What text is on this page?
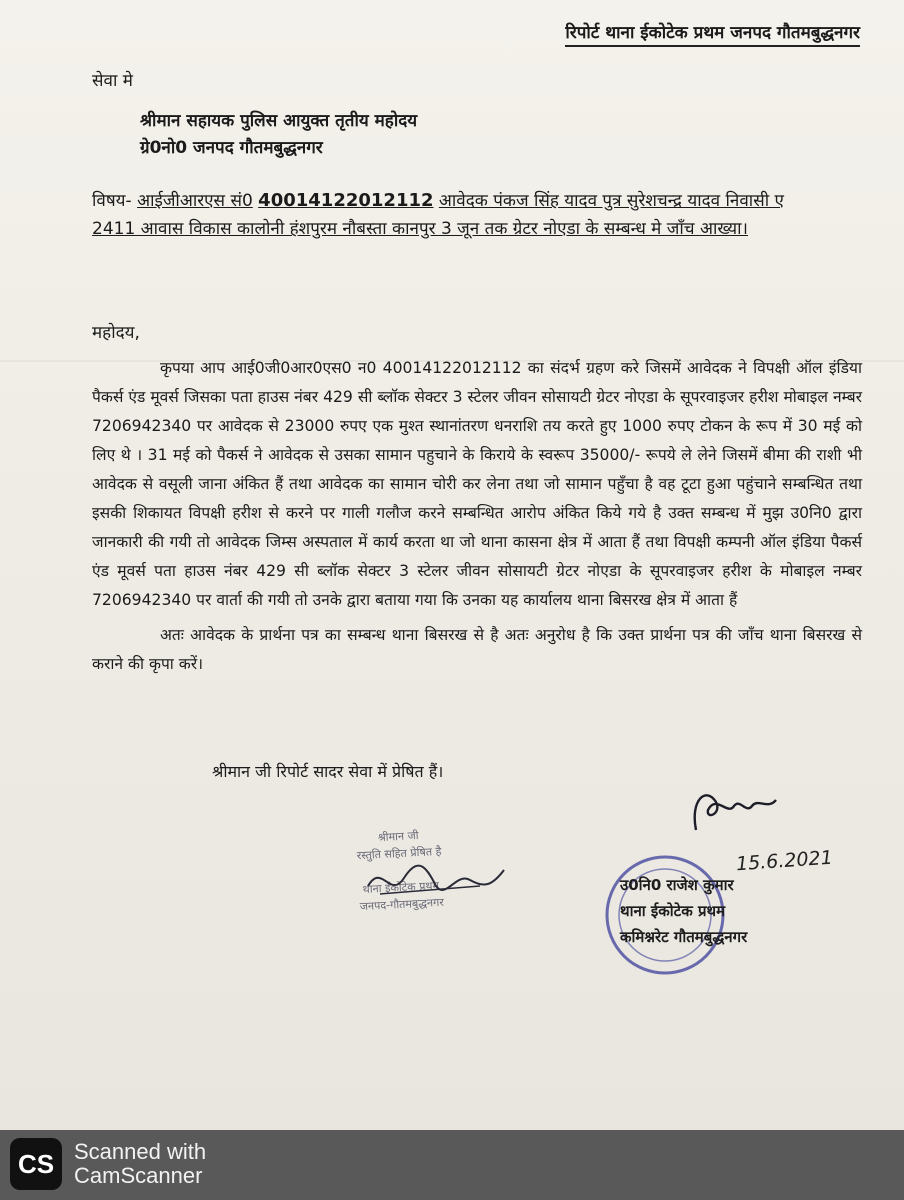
रिपोर्ट थाना ईकोटेक प्रथम जनपद गौतमबुद्धनगर
सेवा मे
श्रीमान सहायक पुलिस आयुक्त तृतीय महोदय
ग्रे0नो0 जनपद गौतमबुद्धनगर
विषय- आईजीआरएस सं0 40014122012112 आवेदक पंकज सिंह यादव पुत्र सुरेशचन्द्र यादव निवासी ए 2411 आवास विकास कालोनी हंशपुरम नौबस्ता कानपुर 3 जून तक ग्रेटर नोएडा के सम्बन्ध मे जाँच आख्या।
महोदय,

कृपया आप आई0जी0आर0एस0 न0 40014122012112 का संदर्भ ग्रहण करे जिसमें आवेदक ने विपक्षी ऑल इंडिया पैकर्स एंड मूवर्स जिसका पता हाउस नंबर 429 सी ब्लॉक सेक्टर 3 स्टेलर जीवन सोसायटी ग्रेटर नोएडा के सूपरवाइजर हरीश मोबाइल नम्बर 7206942340 पर आवेदक से 23000 रुपए एक मुश्त स्थानांतरण धनराशि तय करते हुए 1000 रुपए टोकन के रूप में 30 मई को लिए थे । 31 मई को पैकर्स ने आवेदक से उसका सामान पहुचाने के किराये के स्वरूप 35000/- रूपये ले लेने जिसमें बीमा की राशी भी आवेदक से वसूली जाना अंकित हैं तथा आवेदक का सामान चोरी कर लेना तथा जो सामान पहुँचा है वह टूटा हुआ पहुंचाने सम्बन्धित तथा इसकी शिकायत विपक्षी हरीश से करने पर गाली गलौज करने सम्बन्धित आरोप अंकित किये गये है उक्त सम्बन्ध में मुझ उ0नि0 द्वारा जानकारी की गयी तो आवेदक जिम्स अस्पताल में कार्य करता था जो थाना कासना क्षेत्र में आता हैं तथा विपक्षी कम्पनी ऑल इंडिया पैकर्स एंड मूवर्स पता हाउस नंबर 429 सी ब्लॉक सेक्टर 3 स्टेलर जीवन सोसायटी ग्रेटर नोएडा के सूपरवाइजर हरीश के मोबाइल नम्बर 7206942340 पर वार्ता की गयी तो उनके द्वारा बताया गया कि उनका यह कार्यालय थाना बिसरख क्षेत्र में आता हैं

अतः आवेदक के प्रार्थना पत्र का सम्बन्ध थाना बिसरख से है अतः अनुरोध है कि उक्त प्रार्थना पत्र की जाँच थाना बिसरख से कराने की कृपा करें।

श्रीमान जी रिपोर्ट सादर सेवा में प्रेषित हैं।
श्रीमान जी
रस्तुति सहित प्रेषित है
थाना ईकोटेक प्रथम
जनपद-गौतमबुद्धनगर
15.6.2021
उ0नि0 राजेश कुमार
थाना ईकोटेक प्रथम
कमिश्नरेट गौतमबुद्धनगर
CS Scanned with
CamScanner
